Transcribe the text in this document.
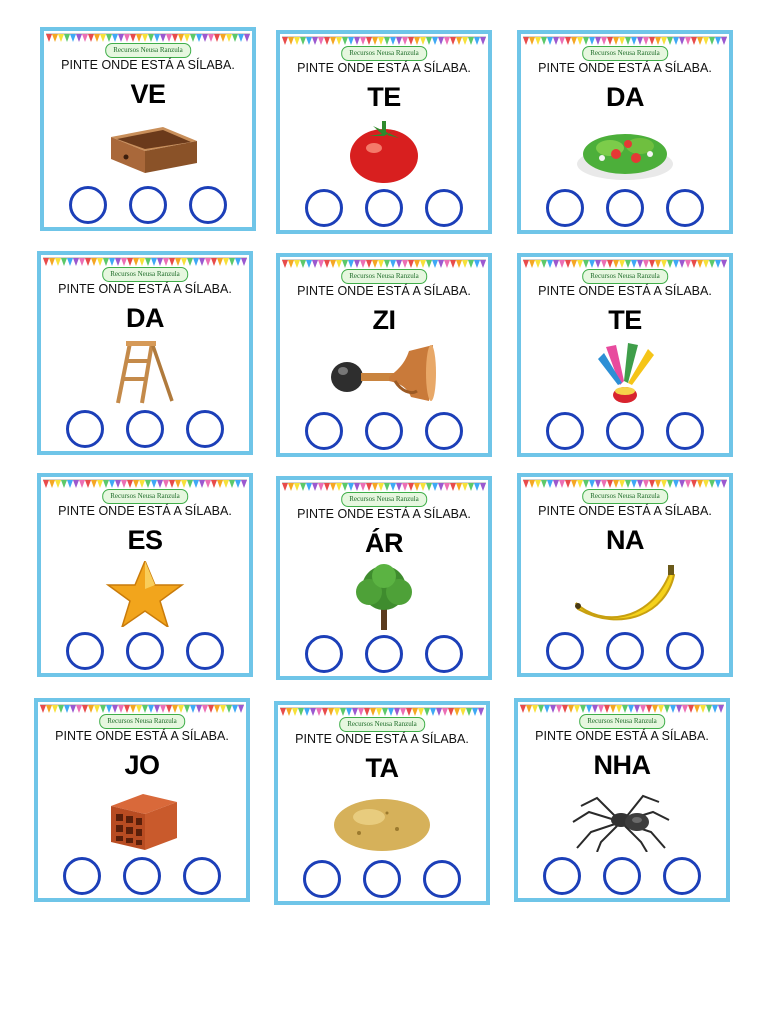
Recursos Neusa Ranzula
PINTE ONDE ESTÁ A SÍLABA.
VE
Recursos Neusa Ranzula
PINTE ONDE ESTÁ A SÍLABA.
TE
Recursos Neusa Ranzula
PINTE ONDE ESTÁ A SÍLABA.
DA
Recursos Neusa Ranzula
PINTE ONDE ESTÁ A SÍLABA.
DA
Recursos Neusa Ranzula
PINTE ONDE ESTÁ A SÍLABA.
ZI
Recursos Neusa Ranzula
PINTE ONDE ESTÁ A SÍLABA.
TE
Recursos Neusa Ranzula
PINTE ONDE ESTÁ A SÍLABA.
ES
Recursos Neusa Ranzula
PINTE ONDE ESTÁ A SÍLABA.
ÁR
Recursos Neusa Ranzula
PINTE ONDE ESTÁ A SÍLABA.
NA
Recursos Neusa Ranzula
PINTE ONDE ESTÁ A SÍLABA.
JO
Recursos Neusa Ranzula
PINTE ONDE ESTÁ A SÍLABA.
TA
Recursos Neusa Ranzula
PINTE ONDE ESTÁ A SÍLABA.
NHA
